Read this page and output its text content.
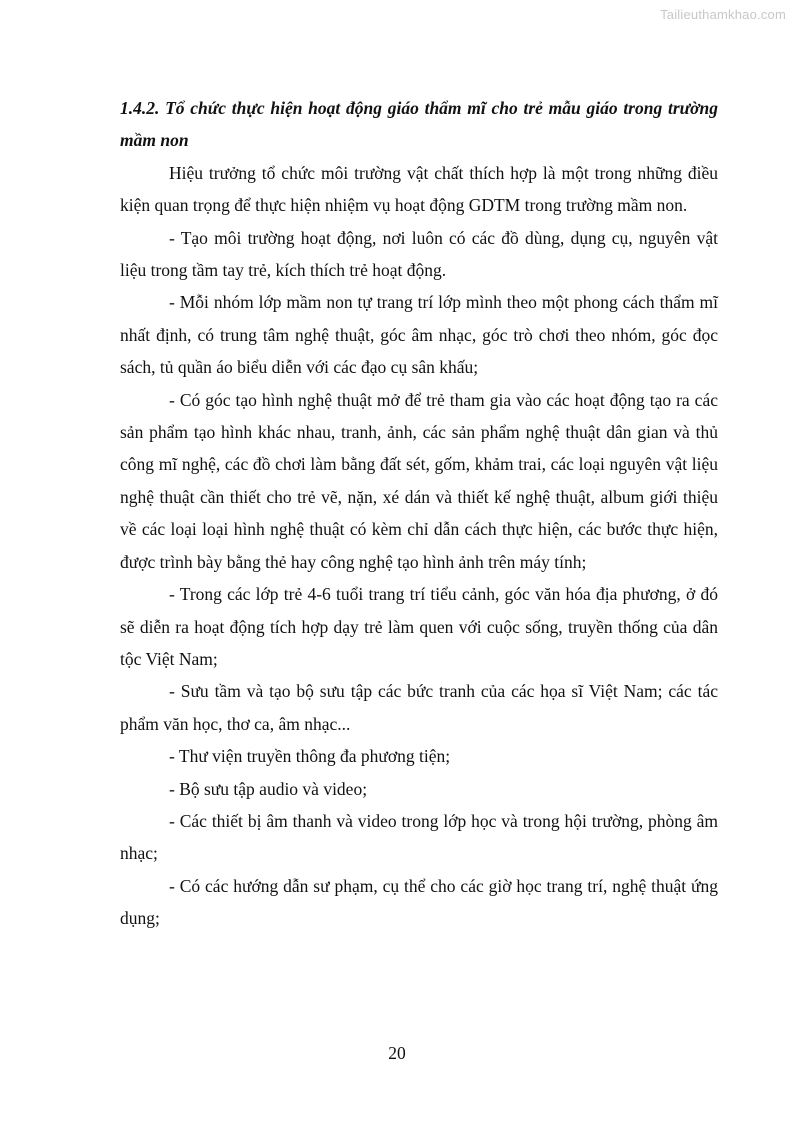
Tailieuthamkhao.com
1.4.2. Tổ chức thực hiện hoạt động giáo thẩm mĩ cho trẻ mẫu giáo trong trường mầm non

Hiệu trưởng tổ chức môi trường vật chất thích hợp là một trong những điều kiện quan trọng để thực hiện nhiệm vụ hoạt động GDTM trong trường mầm non.

- Tạo môi trường hoạt động, nơi luôn có các đồ dùng, dụng cụ, nguyên vật liệu trong tầm tay trẻ, kích thích trẻ hoạt động.

- Mỗi nhóm lớp mầm non tự trang trí lớp mình theo một phong cách thẩm mĩ nhất định, có trung tâm nghệ thuật, góc âm nhạc, góc trò chơi theo nhóm, góc đọc sách, tủ quần áo biểu diễn với các đạo cụ sân khấu;

- Có góc tạo hình nghệ thuật mở để trẻ tham gia vào các hoạt động tạo ra các sản phẩm tạo hình khác nhau, tranh, ảnh, các sản phẩm nghệ thuật dân gian và thủ công mĩ nghệ, các đồ chơi làm bằng đất sét, gốm, khảm trai, các loại nguyên vật liệu nghệ thuật cần thiết cho trẻ vẽ, nặn, xé dán và thiết kế nghệ thuật, album giới thiệu về các loại loại hình nghệ thuật có kèm chỉ dẫn cách thực hiện, các bước thực hiện, được trình bày bằng thẻ hay công nghệ tạo hình ảnh trên máy tính;

- Trong các lớp trẻ 4-6 tuổi trang trí tiểu cảnh, góc văn hóa địa phương, ở đó sẽ diễn ra hoạt động tích hợp dạy trẻ làm quen với cuộc sống, truyền thống của dân tộc Việt Nam;

- Sưu tầm và tạo bộ sưu tập các bức tranh của các họa sĩ Việt Nam; các tác phẩm văn học, thơ ca, âm nhạc...

- Thư viện truyền thông đa phương tiện;

- Bộ sưu tập audio và video;

- Các thiết bị âm thanh và video trong lớp học và trong hội trường, phòng âm nhạc;

- Có các hướng dẫn sư phạm, cụ thể cho các giờ học trang trí, nghệ thuật ứng dụng;

20
